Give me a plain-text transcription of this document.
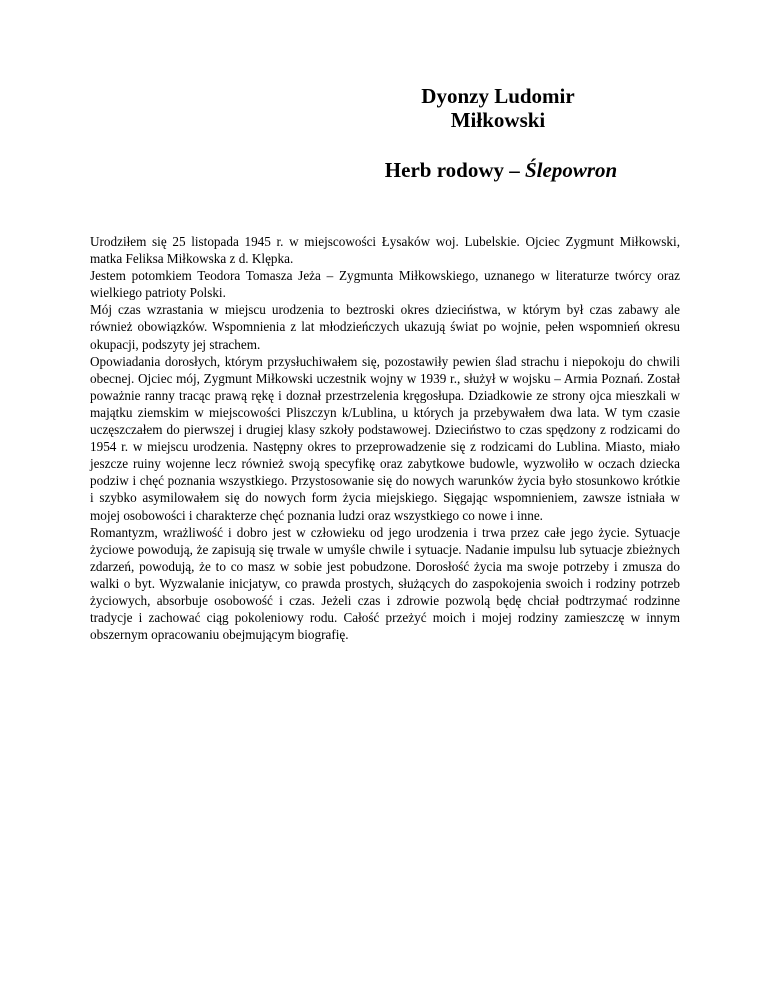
Dyonzy Ludomir
Miłkowski
Herb rodowy – Ślepowron

Urodziłem się 25 listopada 1945 r. w miejscowości Łysaków woj. Lubelskie. Ojciec Zygmunt Miłkowski, matka Feliksa Miłkowska z d. Klępka.

Jestem potomkiem Teodora Tomasza Jeża – Zygmunta Miłkowskiego, uznanego w literaturze twórcy oraz wielkiego patrioty Polski.

Mój czas wzrastania w miejscu urodzenia to beztroski okres dzieciństwa, w którym był czas zabawy ale również obowiązków. Wspomnienia z lat młodzieńczych ukazują świat po wojnie, pełen wspomnień okresu okupacji, podszyty jej strachem.

Opowiadania dorosłych, którym przysłuchiwałem się, pozostawiły pewien ślad strachu i niepokoju do chwili obecnej. Ojciec mój, Zygmunt Miłkowski uczestnik wojny w 1939 r., służył w wojsku – Armia Poznań. Został poważnie ranny tracąc prawą rękę i doznał przestrzelenia kręgosłupa. Dziadkowie ze strony ojca mieszkali w majątku ziemskim w miejscowości Pliszczyn k/Lublina, u których ja przebywałem dwa lata. W tym czasie uczęszczałem do pierwszej i drugiej klasy szkoły podstawowej. Dzieciństwo to czas spędzony z rodzicami do 1954 r. w miejscu urodzenia. Następny okres to przeprowadzenie się z rodzicami do Lublina. Miasto, miało jeszcze ruiny wojenne lecz również swoją specyfikę oraz zabytkowe budowle, wyzwoliło w oczach dziecka podziw i chęć poznania wszystkiego. Przystosowanie się do nowych warunków życia było stosunkowo krótkie i szybko asymilowałem się do nowych form życia miejskiego. Sięgając wspomnieniem, zawsze istniała w mojej osobowości i charakterze chęć poznania ludzi oraz wszystkiego co nowe i inne.

Romantyzm, wrażliwość i dobro jest w człowieku od jego urodzenia i trwa przez całe jego życie. Sytuacje życiowe powodują, że zapisują się trwale w umyśle chwile i sytuacje. Nadanie impulsu lub sytuacje zbieżnych zdarzeń, powodują, że to co masz w sobie jest pobudzone. Dorosłość życia ma swoje potrzeby i zmusza do walki o byt. Wyzwalanie inicjatyw, co prawda prostych, służących do zaspokojenia swoich i rodziny potrzeb życiowych, absorbuje osobowość i czas. Jeżeli czas i zdrowie pozwolą będę chciał podtrzymać rodzinne tradycje i zachować ciąg pokoleniowy rodu. Całość przeżyć moich i mojej rodziny zamieszczę w innym obszernym opracowaniu obejmującym biografię.
